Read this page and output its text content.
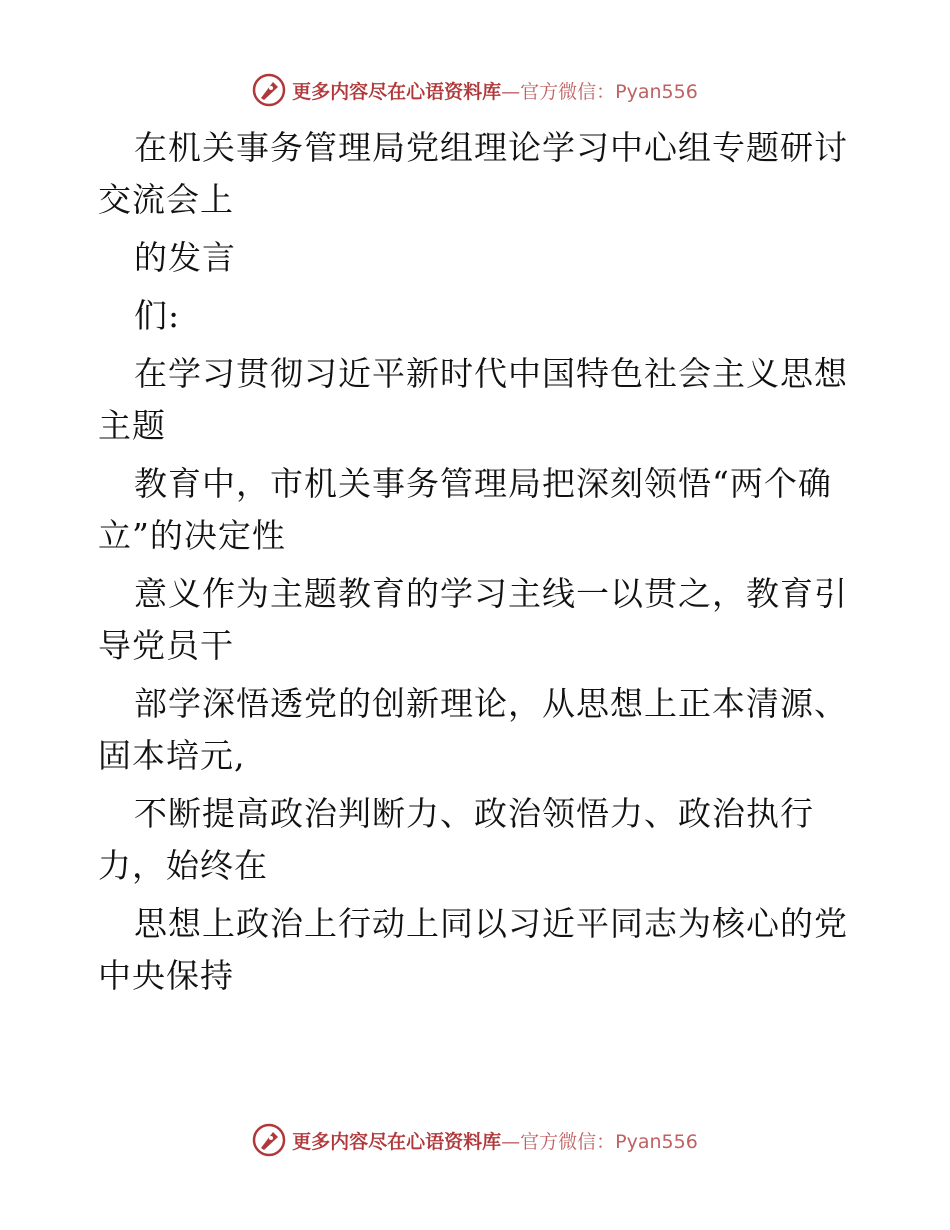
更多内容尽在心语资料库 —官方微信：Pyan556
在机关事务管理局党组理论学习中心组专题研讨
交流会上
的发言
们:
在学习贯彻习近平新时代中国特色社会主义思想
主题
教育中，市机关事务管理局把深刻领悟“两个确
立”的决定性
意义作为主题教育的学习主线一以贯之，教育引
导党员干
部学深悟透党的创新理论，从思想上正本清源、
固本培元,
不断提高政治判断力、政治领悟力、政治执行
力，始终在
思想上政治上行动上同以习近平同志为核心的党
中央保持
更多内容尽在心语资料库 —官方微信：Pyan556
